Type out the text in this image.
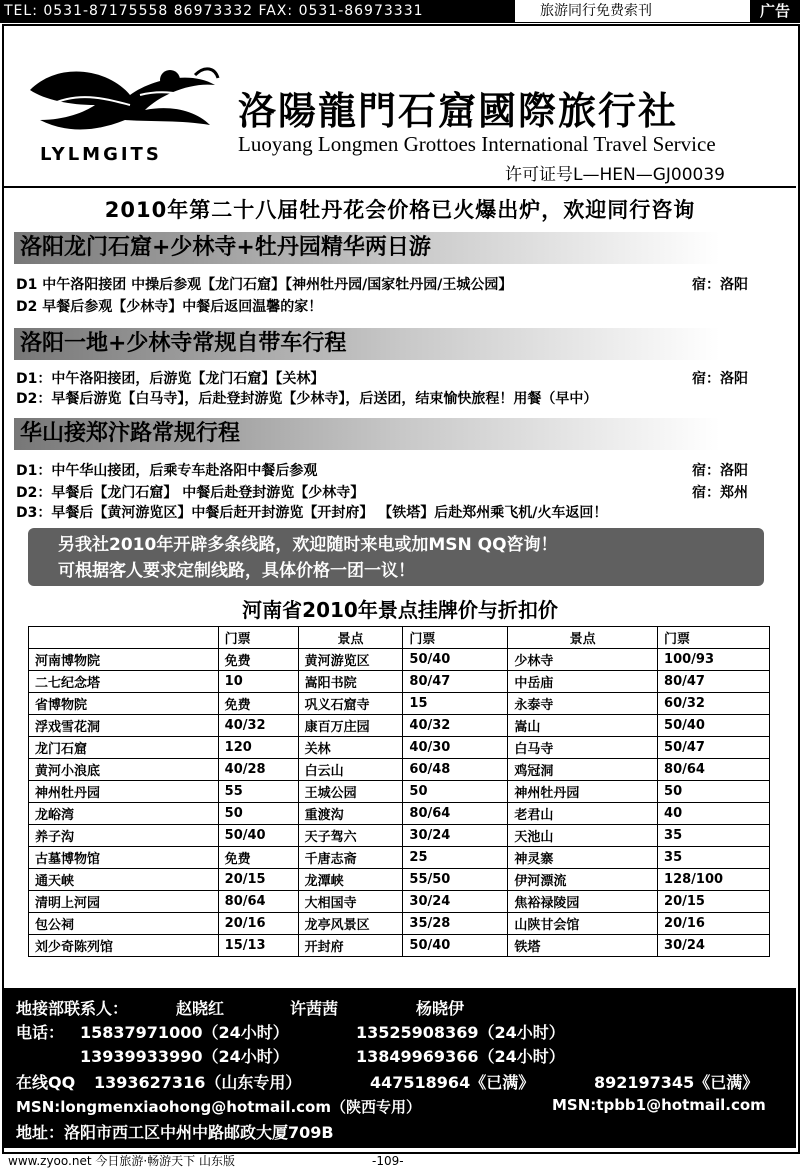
TEL: 0531-87175558 86973332 FAX: 0531-86973331	旅游同行免费索刊	广告
LYLMGITS
洛陽龍門石窟國際旅行社
Luoyang Longmen Grottoes International Travel Service
许可证号L—HEN—GJ00039
2010年第二十八届牡丹花会价格已火爆出炉，欢迎同行咨询
洛阳龙门石窟+少林寺+牡丹园精华两日游
D1 中午洛阳接团 中操后参观【龙门石窟】【神州牡丹园/国家牡丹园/王城公园】	宿：洛阳
D2 早餐后参观【少林寺】中餐后返回温馨的家！
洛阳一地+少林寺常规自带车行程
D1：中午洛阳接团，后游览【龙门石窟】【关林】	宿：洛阳
D2：早餐后游览【白马寺】，后赴登封游览【少林寺】，后送团，结束愉快旅程！用餐（早中）
华山接郑汴路常规行程
D1：中午华山接团，后乘专车赴洛阳中餐后参观	宿：洛阳
D2：早餐后【龙门石窟】 中餐后赴登封游览【少林寺】	宿：郑州
D3：早餐后【黄河游览区】中餐后赶开封游览【开封府】 【铁塔】后赴郑州乘飞机/火车返回！
另我社2010年开辟多条线路，欢迎随时来电或加MSN QQ咨询！
可根据客人要求定制线路，具体价格一团一议！
河南省2010年景点挂牌价与折扣价
	门票	景点	门票	景点	门票
河南博物院	免费	黄河游览区	50/40	少林寺	100/93
二七纪念塔	10	嵩阳书院	80/47	中岳庙	80/47
省博物院	免费	巩义石窟寺	15	永泰寺	60/32
浮戏雪花洞	40/32	康百万庄园	40/32	嵩山	50/40
龙门石窟	120	关林	40/30	白马寺	50/47
黄河小浪底	40/28	白云山	60/48	鸡冠洞	80/64
神州牡丹园	55	王城公园	50	神州牡丹园	50
龙峪湾	50	重渡沟	80/64	老君山	40
养子沟	50/40	天子驾六	30/24	天池山	35
古墓博物馆	免费	千唐志斋	25	神灵寨	35
通天峡	20/15	龙潭峡	55/50	伊河漂流	128/100
清明上河园	80/64	大相国寺	30/24	焦裕禄陵园	20/15
包公祠	20/16	龙亭风景区	35/28	山陕甘会馆	20/16
刘少奇陈列馆	15/13	开封府	50/40	铁塔	30/24
地接部联系人：	赵晓红	许茜茜	杨晓伊
电话： 15837971000（24小时）	13525908369（24小时）
13939933990（24小时）	13849969366（24小时）
在线QQ 1393627316（山东专用）	447518964《已满》	892197345《已满》
MSN:longmenxiaohong@hotmail.com（陕西专用）	MSN:tpbb1@hotmail.com
地址：洛阳市西工区中州中路邮政大厦709B
www.zyoo.net 今日旅游·畅游天下 山东版	-109-
